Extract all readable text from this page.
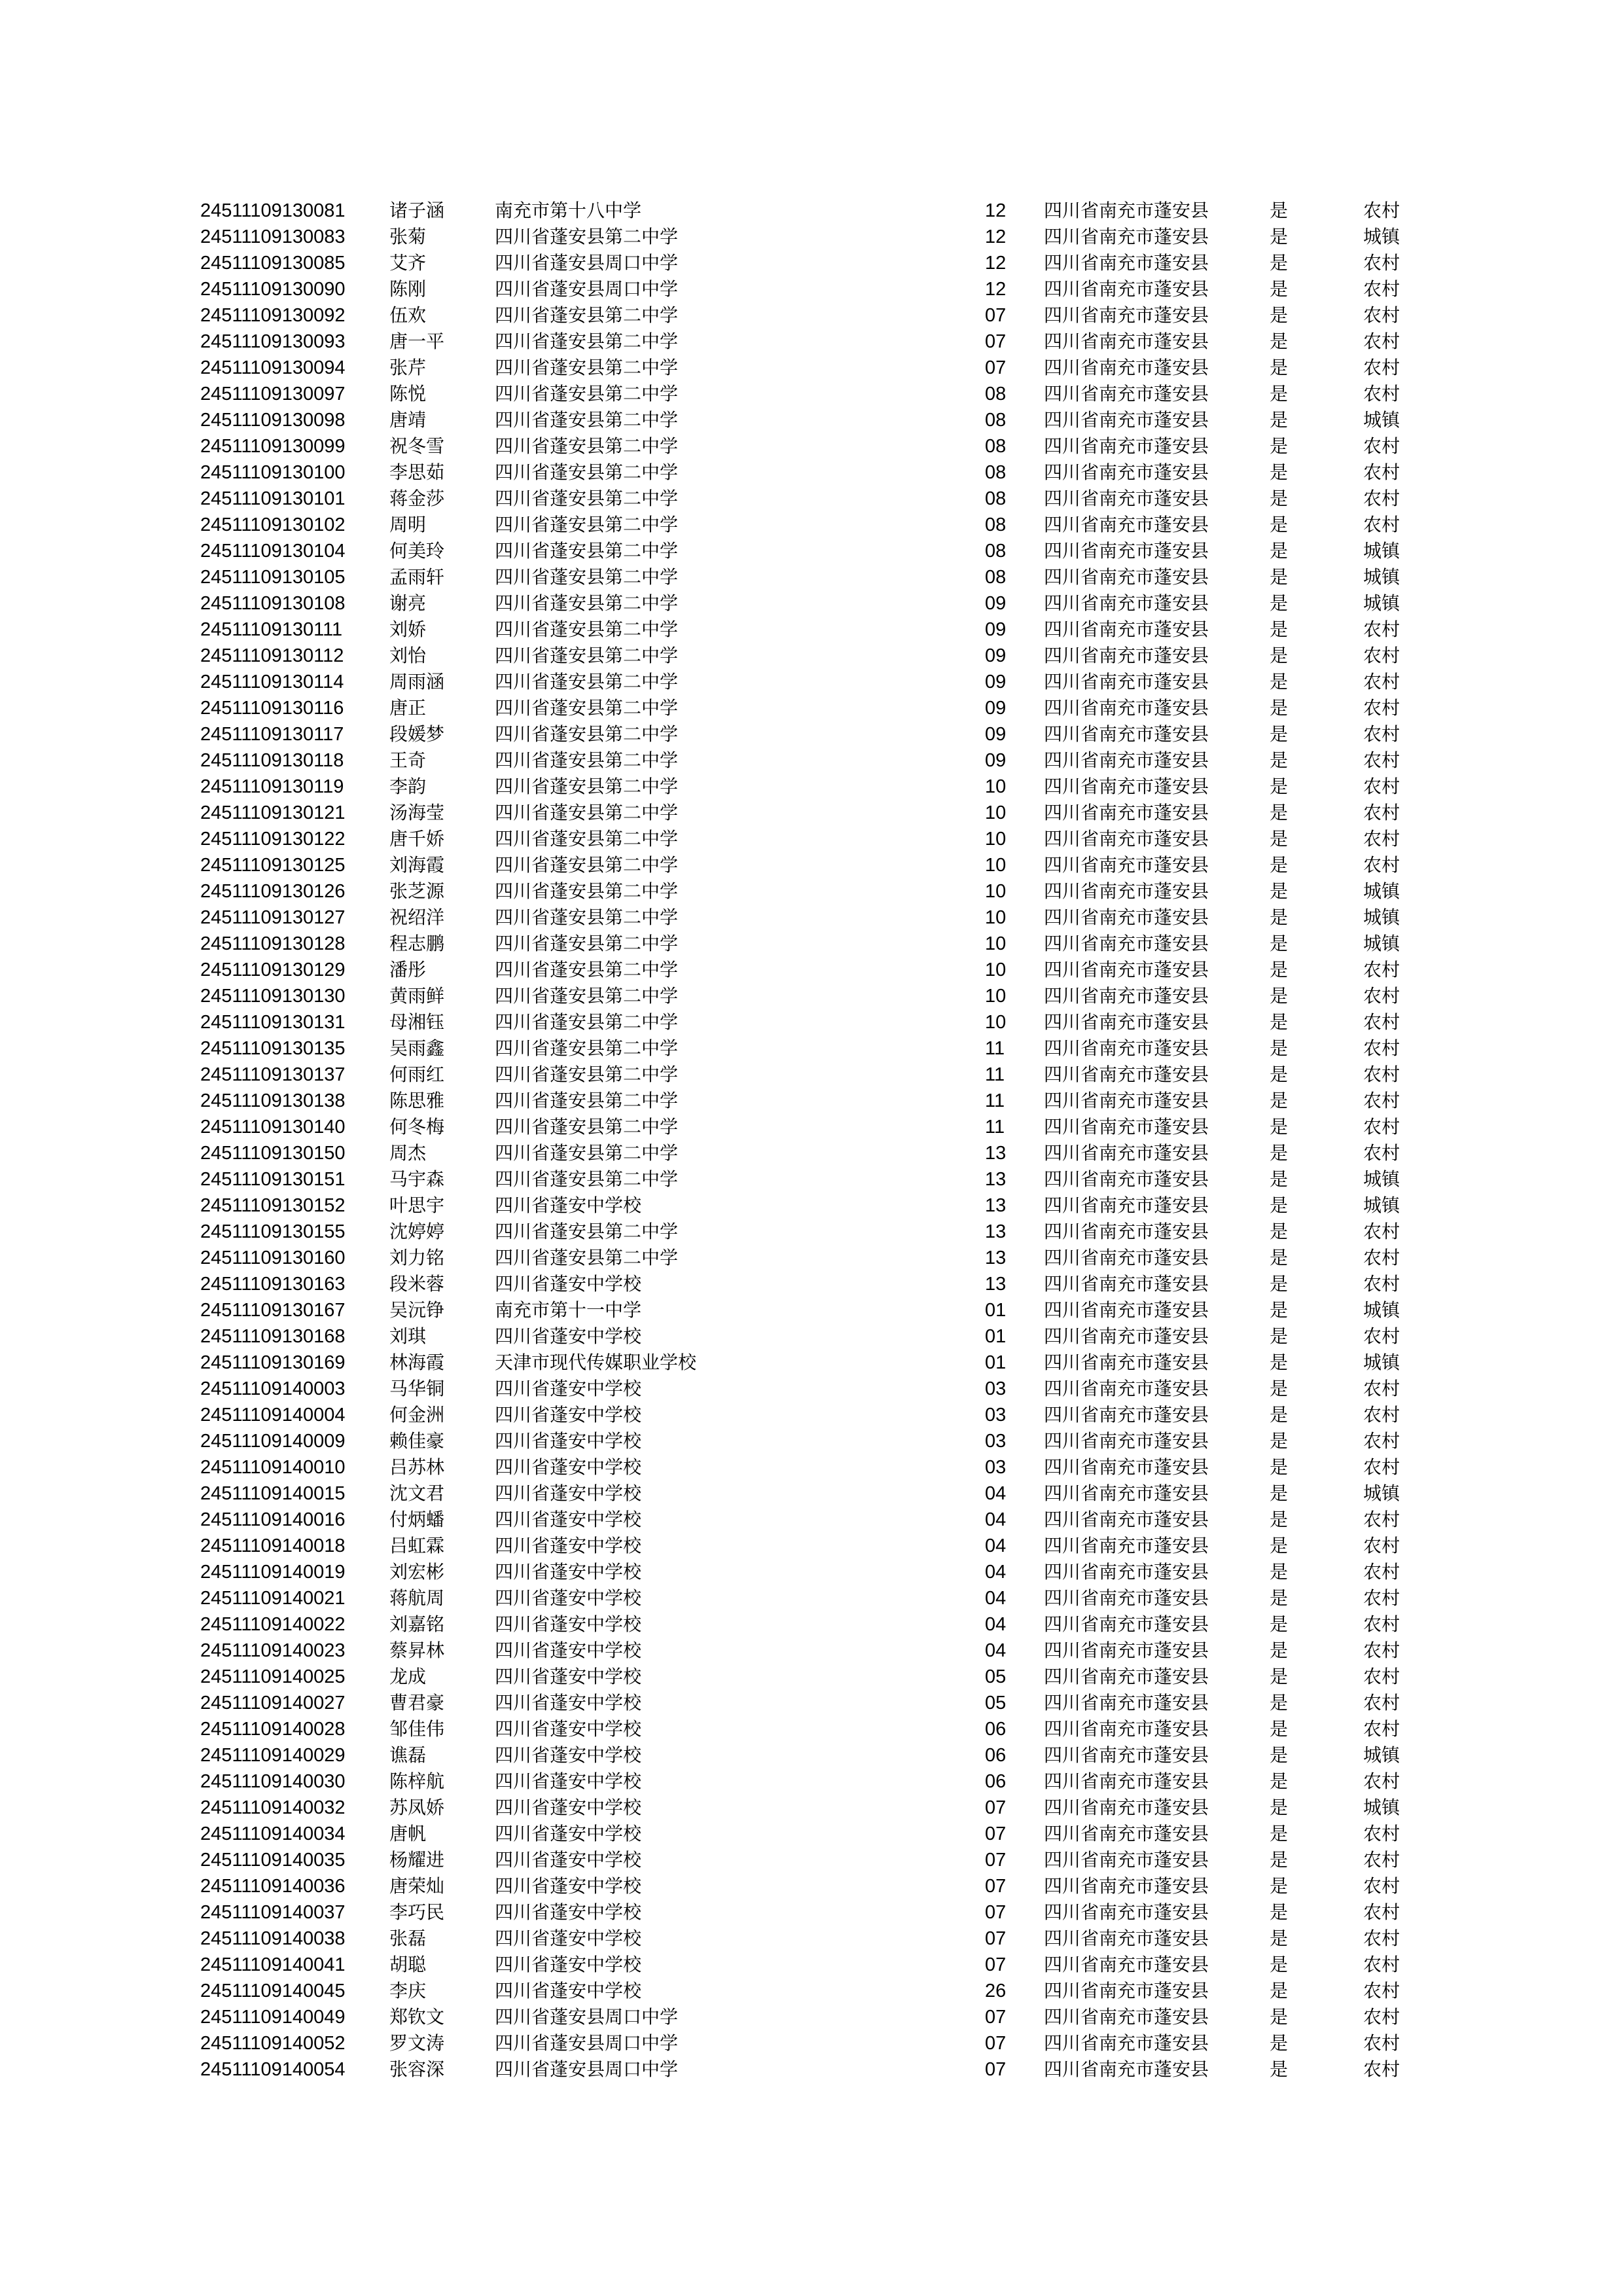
24511109130081 诸子涵	南充市第十八中学	12 四川省南充市蓬安县	是	农村
24511109130083 张菊	四川省蓬安县第二中学	12 四川省南充市蓬安县	是	城镇
24511109130085 艾齐	四川省蓬安县周口中学	12 四川省南充市蓬安县	是	农村
24511109130090 陈刚	四川省蓬安县周口中学	12 四川省南充市蓬安县	是	农村
24511109130092 伍欢	四川省蓬安县第二中学	07 四川省南充市蓬安县	是	农村
24511109130093 唐一平	四川省蓬安县第二中学	07 四川省南充市蓬安县	是	农村
24511109130094 张芹	四川省蓬安县第二中学	07 四川省南充市蓬安县	是	农村
24511109130097 陈悦	四川省蓬安县第二中学	08 四川省南充市蓬安县	是	农村
24511109130098 唐靖	四川省蓬安县第二中学	08 四川省南充市蓬安县	是	城镇
24511109130099 祝冬雪	四川省蓬安县第二中学	08 四川省南充市蓬安县	是	农村
24511109130100 李思茹	四川省蓬安县第二中学	08 四川省南充市蓬安县	是	农村
24511109130101 蒋金莎	四川省蓬安县第二中学	08 四川省南充市蓬安县	是	农村
24511109130102 周明	四川省蓬安县第二中学	08 四川省南充市蓬安县	是	农村
24511109130104 何美玲	四川省蓬安县第二中学	08 四川省南充市蓬安县	是	城镇
24511109130105 孟雨轩	四川省蓬安县第二中学	08 四川省南充市蓬安县	是	城镇
24511109130108 谢亮	四川省蓬安县第二中学	09 四川省南充市蓬安县	是	城镇
24511109130111	刘娇	四川省蓬安县第二中学	09 四川省南充市蓬安县	是	农村
24511109130112 刘怡	四川省蓬安县第二中学	09 四川省南充市蓬安县	是	农村
24511109130114 周雨涵	四川省蓬安县第二中学	09 四川省南充市蓬安县	是	农村
24511109130116 唐正	四川省蓬安县第二中学	09 四川省南充市蓬安县	是	农村
24511109130117 段媛梦	四川省蓬安县第二中学	09 四川省南充市蓬安县	是	农村
24511109130118 王奇	四川省蓬安县第二中学	09 四川省南充市蓬安县	是	农村
24511109130119 李韵	四川省蓬安县第二中学	10 四川省南充市蓬安县	是	农村
24511109130121 汤海莹	四川省蓬安县第二中学	10 四川省南充市蓬安县	是	农村
24511109130122 唐千娇	四川省蓬安县第二中学	10 四川省南充市蓬安县	是	农村
24511109130125 刘海霞	四川省蓬安县第二中学	10 四川省南充市蓬安县	是	农村
24511109130126 张芝源	四川省蓬安县第二中学	10 四川省南充市蓬安县	是	城镇
24511109130127 祝绍洋	四川省蓬安县第二中学	10 四川省南充市蓬安县	是	城镇
24511109130128 程志鹏	四川省蓬安县第二中学	10 四川省南充市蓬安县	是	城镇
24511109130129 潘彤	四川省蓬安县第二中学	10 四川省南充市蓬安县	是	农村
24511109130130 黄雨鲜	四川省蓬安县第二中学	10 四川省南充市蓬安县	是	农村
24511109130131 母湘钰	四川省蓬安县第二中学	10 四川省南充市蓬安县	是	农村
24511109130135 吴雨鑫	四川省蓬安县第二中学	11 四川省南充市蓬安县	是	农村
24511109130137 何雨红	四川省蓬安县第二中学	11 四川省南充市蓬安县	是	农村
24511109130138 陈思雅	四川省蓬安县第二中学	11 四川省南充市蓬安县	是	农村
24511109130140 何冬梅	四川省蓬安县第二中学	11 四川省南充市蓬安县	是	农村
24511109130150 周杰	四川省蓬安县第二中学	13 四川省南充市蓬安县	是	农村
24511109130151 马宇森	四川省蓬安县第二中学	13 四川省南充市蓬安县	是	城镇
24511109130152 叶思宇	四川省蓬安中学校	13 四川省南充市蓬安县	是	城镇
24511109130155 沈婷婷	四川省蓬安县第二中学	13 四川省南充市蓬安县	是	农村
24511109130160 刘力铭	四川省蓬安县第二中学	13 四川省南充市蓬安县	是	农村
24511109130163 段米蓉	四川省蓬安中学校	13 四川省南充市蓬安县	是	农村
24511109130167 吴沅铮	南充市第十一中学	01 四川省南充市蓬安县	是	城镇
24511109130168 刘琪	四川省蓬安中学校	01 四川省南充市蓬安县	是	农村
24511109130169 林海霞	天津市现代传媒职业学校	01 四川省南充市蓬安县	是	城镇
24511109140003 马华铜	四川省蓬安中学校	03 四川省南充市蓬安县	是	农村
24511109140004 何金洲	四川省蓬安中学校	03 四川省南充市蓬安县	是	农村
24511109140009 赖佳豪	四川省蓬安中学校	03 四川省南充市蓬安县	是	农村
24511109140010 吕苏林	四川省蓬安中学校	03 四川省南充市蓬安县	是	农村
24511109140015 沈文君	四川省蓬安中学校	04 四川省南充市蓬安县	是	城镇
24511109140016 付炳蟠	四川省蓬安中学校	04 四川省南充市蓬安县	是	农村
24511109140018 吕虹霖	四川省蓬安中学校	04 四川省南充市蓬安县	是	农村
24511109140019 刘宏彬	四川省蓬安中学校	04 四川省南充市蓬安县	是	农村
24511109140021 蒋航周	四川省蓬安中学校	04 四川省南充市蓬安县	是	农村
24511109140022 刘嘉铭	四川省蓬安中学校	04 四川省南充市蓬安县	是	农村
24511109140023 蔡昇林	四川省蓬安中学校	04 四川省南充市蓬安县	是	农村
24511109140025 龙成	四川省蓬安中学校	05 四川省南充市蓬安县	是	农村
24511109140027 曹君豪	四川省蓬安中学校	05 四川省南充市蓬安县	是	农村
24511109140028 邹佳伟	四川省蓬安中学校	06 四川省南充市蓬安县	是	农村
24511109140029 谯磊	四川省蓬安中学校	06 四川省南充市蓬安县	是	城镇
24511109140030 陈梓航	四川省蓬安中学校	06 四川省南充市蓬安县	是	农村
24511109140032 苏凤娇	四川省蓬安中学校	07 四川省南充市蓬安县	是	城镇
24511109140034 唐帆	四川省蓬安中学校	07 四川省南充市蓬安县	是	农村
24511109140035 杨耀进	四川省蓬安中学校	07 四川省南充市蓬安县	是	农村
24511109140036 唐荣灿	四川省蓬安中学校	07 四川省南充市蓬安县	是	农村
24511109140037 李巧民	四川省蓬安中学校	07 四川省南充市蓬安县	是	农村
24511109140038 张磊	四川省蓬安中学校	07 四川省南充市蓬安县	是	农村
24511109140041 胡聪	四川省蓬安中学校	07 四川省南充市蓬安县	是	农村
24511109140045 李庆	四川省蓬安中学校	26 四川省南充市蓬安县	是	农村
24511109140049 郑钦文	四川省蓬安县周口中学	07 四川省南充市蓬安县	是	农村
24511109140052 罗文涛	四川省蓬安县周口中学	07 四川省南充市蓬安县	是	农村
24511109140054 张容深	四川省蓬安县周口中学	07 四川省南充市蓬安县	是	农村
